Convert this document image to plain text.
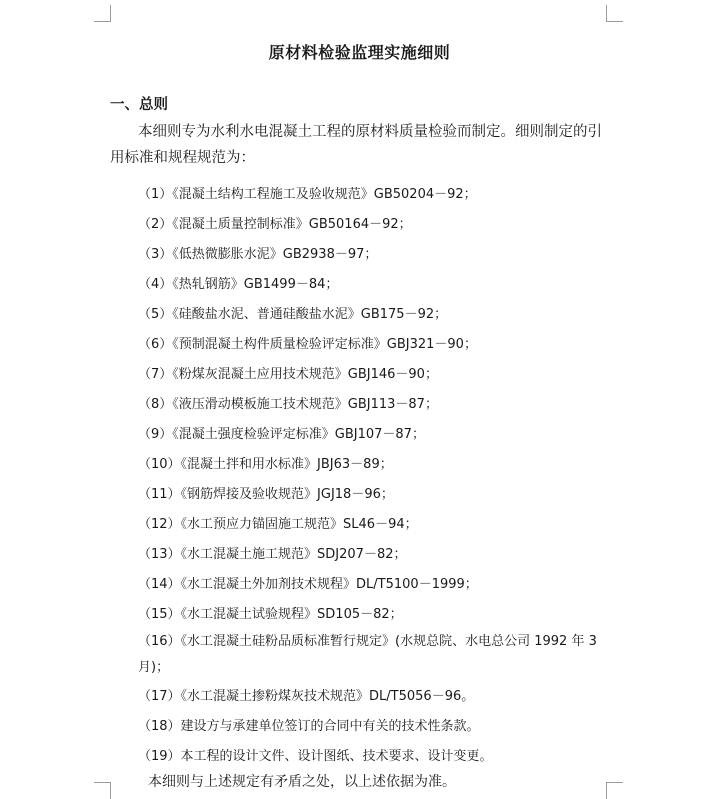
原材料检验监理实施细则
一、总则
本细则专为水利水电混凝土工程的原材料质量检验而制定。细则制定的引用标准和规程规范为：
（1）《混凝土结构工程施工及验收规范》GB50204－92；
（2）《混凝土质量控制标准》GB50164－92；
（3）《低热微膨胀水泥》GB2938－97；
（4）《热轧钢筋》GB1499－84；
（5）《硅酸盐水泥、普通硅酸盐水泥》GB175－92；
（6）《预制混凝土构件质量检验评定标准》GBJ321－90；
（7）《粉煤灰混凝土应用技术规范》GBJ146－90；
（8）《液压滑动模板施工技术规范》GBJ113－87；
（9）《混凝土强度检验评定标准》GBJ107－87；
（10）《混凝土拌和用水标准》JBJ63－89；
（11）《钢筋焊接及验收规范》JGJ18－96；
（12）《水工预应力锚固施工规范》SL46－94；
（13）《水工混凝土施工规范》SDJ207－82；
（14）《水工混凝土外加剂技术规程》DL/T5100－1999；
（15）《水工混凝土试验规程》SD105－82；
（16）《水工混凝土硅粉品质标准暂行规定》(水规总院、水电总公司 1992 年 3 月)；
（17）《水工混凝土掺粉煤灰技术规范》DL/T5056－96。
（18）建设方与承建单位签订的合同中有关的技术性条款。
（19）本工程的设计文件、设计图纸、技术要求、设计变更。
本细则与上述规定有矛盾之处，以上述依据为准。
